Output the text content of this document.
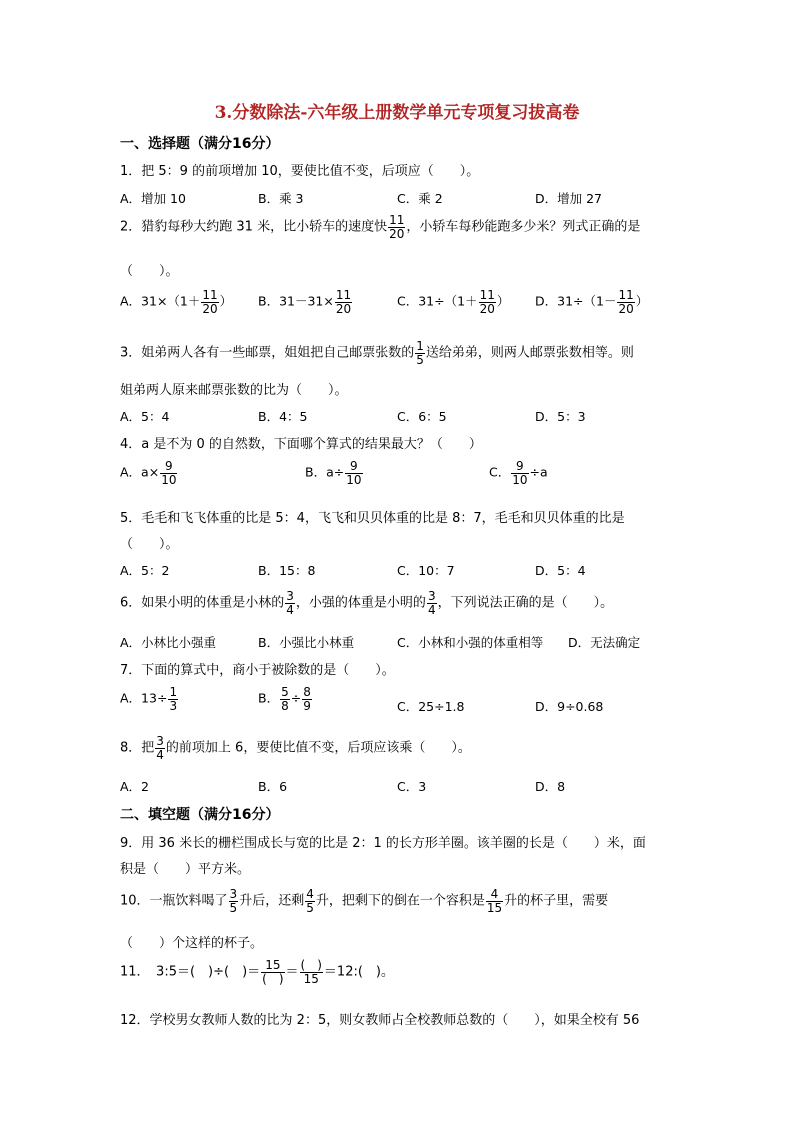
3.分数除法-六年级上册数学单元专项复习拔高卷
一、选择题（满分16分）
1．把 5：9 的前项增加 10，要使比值不变，后项应（　　）。
A．增加 10	B．乘 3	C．乘 2	D．增加 27
2．猎豹每秒大约跑 31 米，比小轿车的速度快 $\frac{11}{20}$ ，小轿车每秒能跑多少米？列式正确的是
（　　）。
A．$31\times(1+ \frac{11}{20}$ ） B．$31-31\times \frac{11}{20}$	C．$31\div(1+ \frac{11}{20}$ ） D．$31\div(1- \frac{11}{20}$ ）
3．姐弟两人各有一些邮票，姐姐把自己邮票张数的 $\frac{1}{5}$ 送给弟弟，则两人邮票张数相等。则
姐弟两人原来邮票张数的比为（　　）。
A．5：4	B．4：5	C．6：5	D．5：3
4．a 是不为 0 的自然数，下面哪个算式的结果最大？（　　）
A．$a\times \frac{9}{10}$	B．$a\div \frac{9}{10}$	C． $\frac{9}{10} \div a$
5．毛毛和飞飞体重的比是 5：4，飞飞和贝贝体重的比是 8：7，毛毛和贝贝体重的比是
（　　）。
A．5：2	B．15：8	C．10：7	D．5：4
6．如果小明的体重是小林的 $\frac{3}{4}$ ，小强的体重是小明的 $\frac{3}{4}$ ，下列说法正确的是（　　）。
A．小林比小强重	B．小强比小林重	C．小林和小强的体重相等 D．无法确定
7．下面的算式中，商小于被除数的是（　　）。
A．$13\div \frac{1}{3}$	B． $\frac{5}{8} \div \frac{8}{9}$	C．25÷1.8	D．9÷0.68
8．把 $\frac{3}{4}$ 的前项加上 6，要使比值不变，后项应该乘（　　）。
A．2	B．6	C．3	D．8
二、填空题（满分16分）
9．用 36 米长的栅栏围成长与宽的比是 2：1 的长方形羊圈。该羊圈的长是（　　）米，面
积是（　　）平方米。
10．一瓶饮料喝了 $\frac{3}{5}$ 升后，还剩 $\frac{4}{5}$ 升，把剩下的倒在一个容积是 $\frac{4}{15}$ 升的杯子里，需要
（　　）个这样的杯子。
11．　3:5＝(　)÷(　)＝ $\frac{15}{( )} = \frac{( )}{15}$ ＝12:(　)。
12．学校男女教师人数的比为 2：5，则女教师占全校教师总数的（　　），如果全校有 56
